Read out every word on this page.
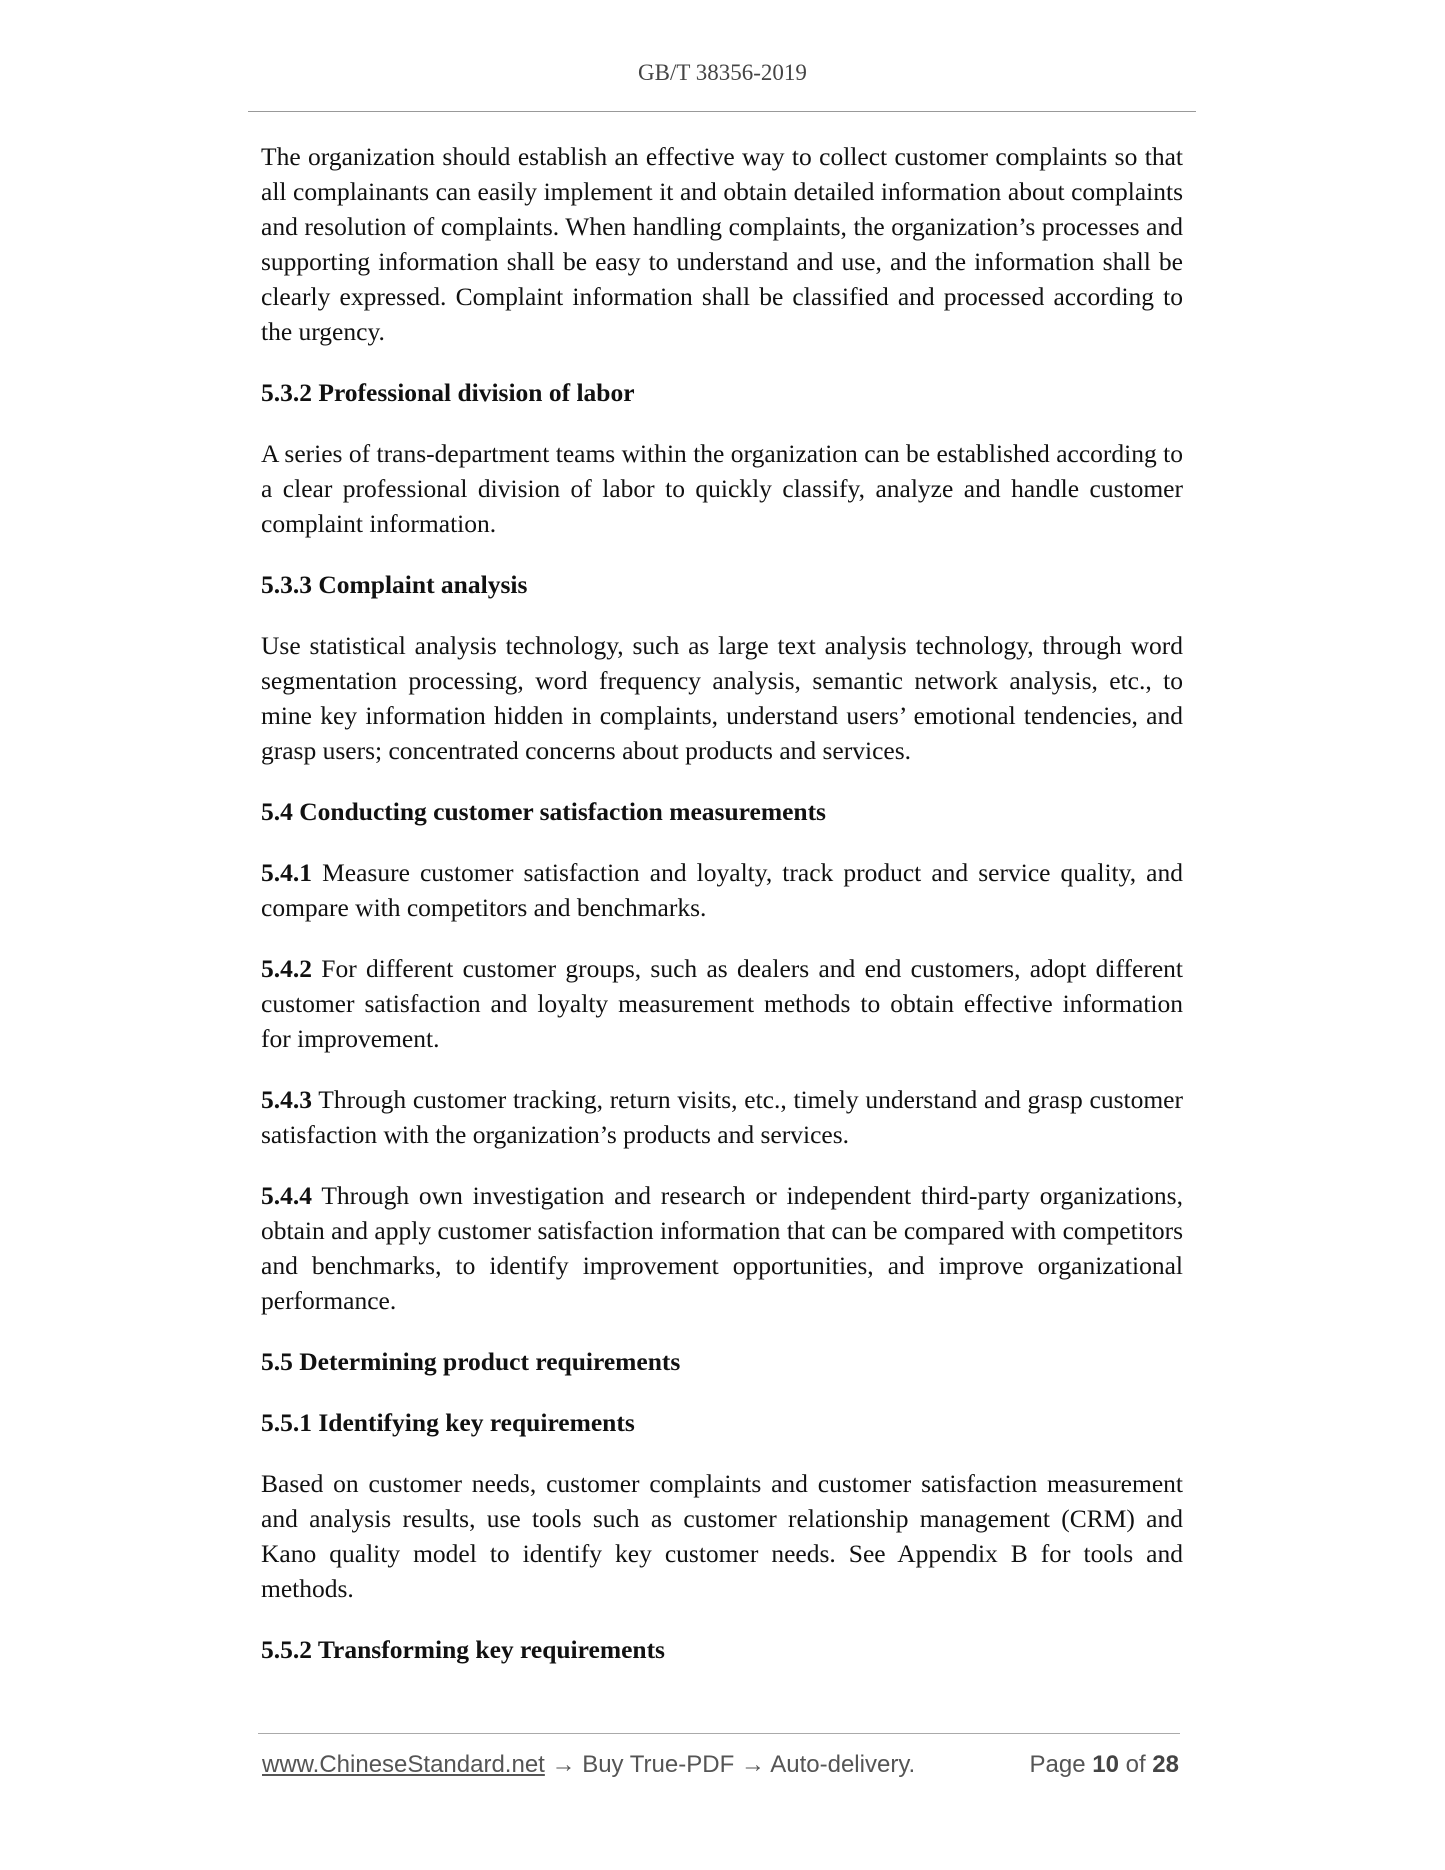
GB/T 38356-2019

The organization should establish an effective way to collect customer complaints so that all complainants can easily implement it and obtain detailed information about complaints and resolution of complaints. When handling complaints, the organization’s processes and supporting information shall be easy to understand and use, and the information shall be clearly expressed. Complaint information shall be classified and processed according to the urgency.

5.3.2 Professional division of labor

A series of trans-department teams within the organization can be established according to a clear professional division of labor to quickly classify, analyze and handle customer complaint information.

5.3.3 Complaint analysis

Use statistical analysis technology, such as large text analysis technology, through word segmentation processing, word frequency analysis, semantic network analysis, etc., to mine key information hidden in complaints, understand users’ emotional tendencies, and grasp users; concentrated concerns about products and services.

5.4 Conducting customer satisfaction measurements

5.4.1 Measure customer satisfaction and loyalty, track product and service quality, and compare with competitors and benchmarks.

5.4.2 For different customer groups, such as dealers and end customers, adopt different customer satisfaction and loyalty measurement methods to obtain effective information for improvement.

5.4.3 Through customer tracking, return visits, etc., timely understand and grasp customer satisfaction with the organization’s products and services.

5.4.4 Through own investigation and research or independent third-party organizations, obtain and apply customer satisfaction information that can be compared with competitors and benchmarks, to identify improvement opportunities, and improve organizational performance.

5.5 Determining product requirements

5.5.1 Identifying key requirements

Based on customer needs, customer complaints and customer satisfaction measurement and analysis results, use tools such as customer relationship management (CRM) and Kano quality model to identify key customer needs. See Appendix B for tools and methods.

5.5.2 Transforming key requirements

www.ChineseStandard.net → Buy True-PDF → Auto-delivery.	Page 10 of 28
